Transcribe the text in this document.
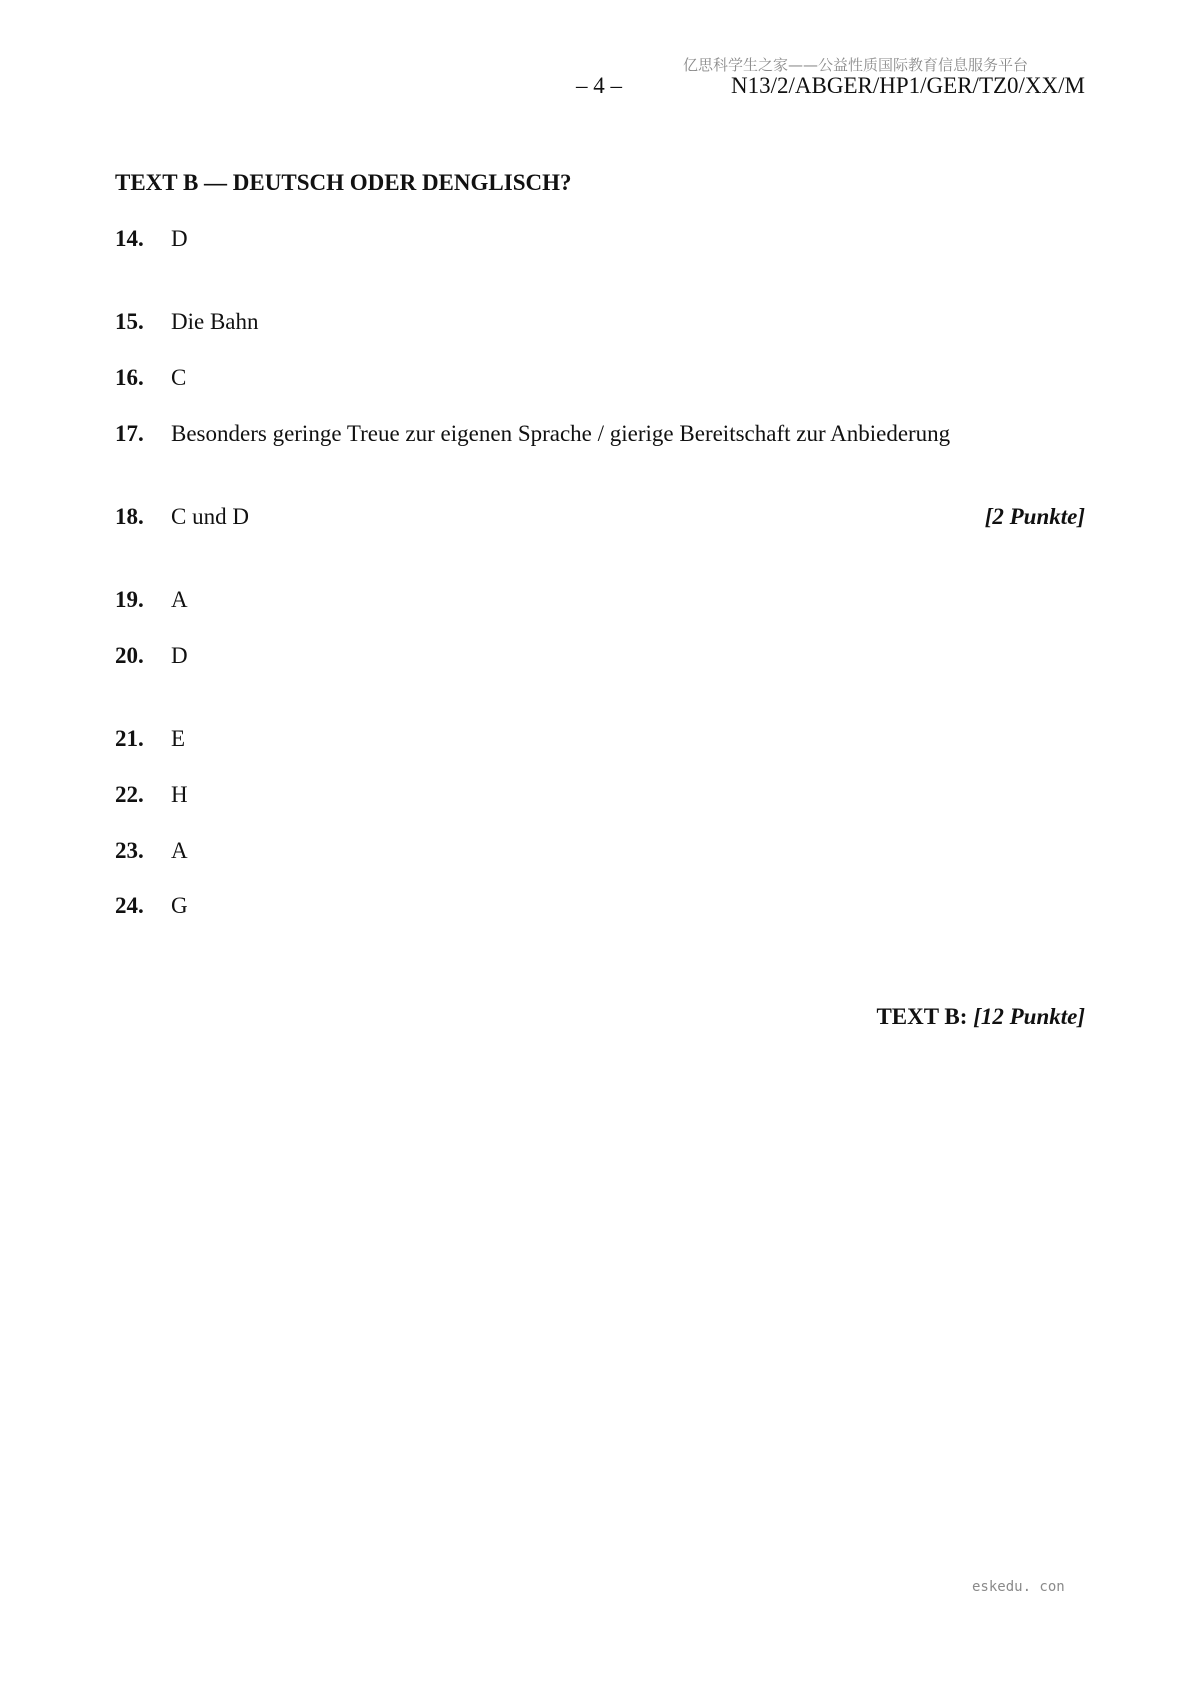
亿思科学生之家——公益性质国际教育信息服务平台
– 4 –	N13/2/ABGER/HP1/GER/TZ0/XX/M
TEXT B — DEUTSCH ODER DENGLISCH?
14. D
15. Die Bahn
16. C
17. Besonders geringe Treue zur eigenen Sprache / gierige Bereitschaft zur Anbiederung
18. C und D	[2 Punkte]
19. A
20. D
21. E
22. H
23. A
24. G
TEXT B: [12 Punkte]
eskedu. con
